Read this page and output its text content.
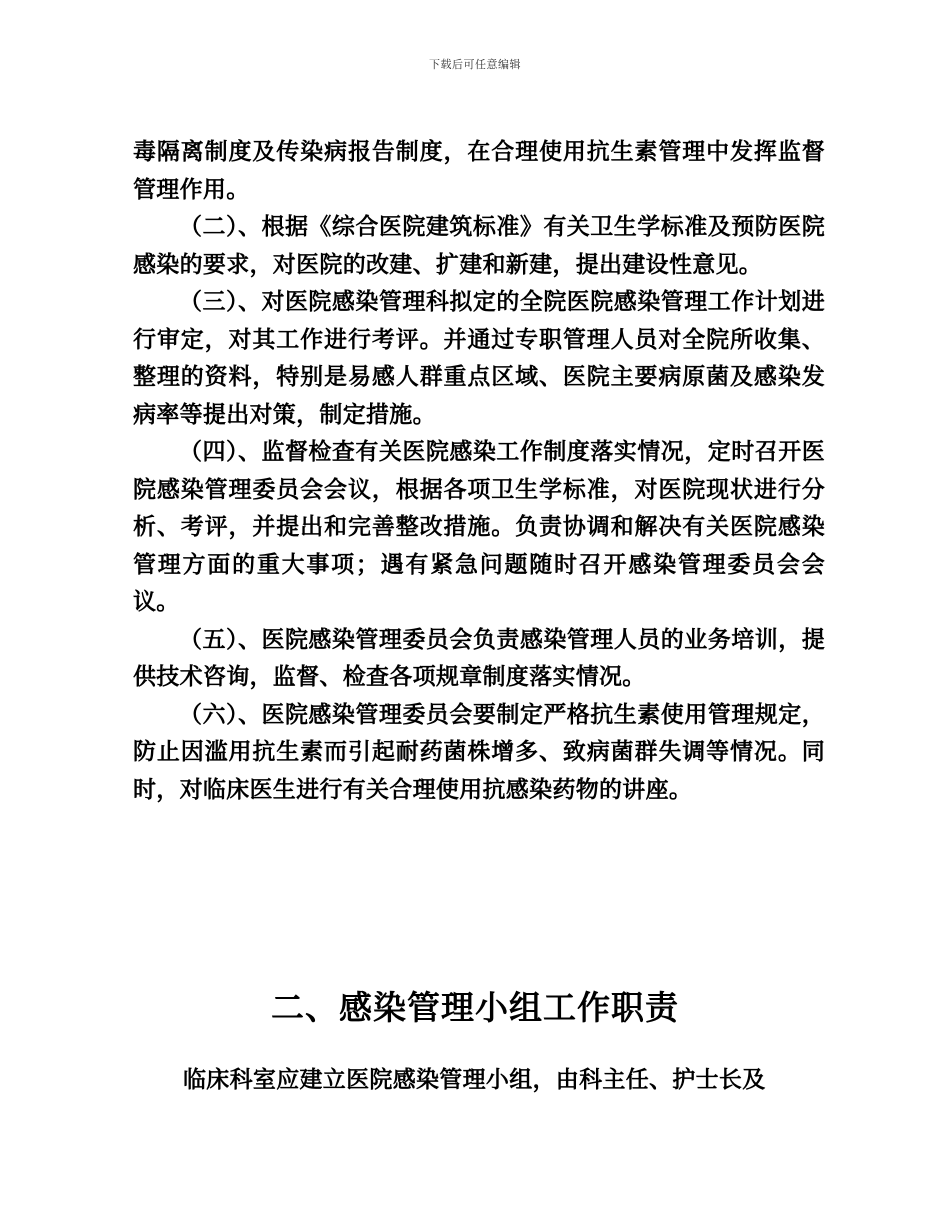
下载后可任意编辑

毒隔离制度及传染病报告制度，在合理使用抗生素管理中发挥监督管理作用。

（二）、根据《综合医院建筑标准》有关卫生学标准及预防医院感染的要求，对医院的改建、扩建和新建，提出建设性意见。

（三）、对医院感染管理科拟定的全院医院感染管理工作计划进行审定，对其工作进行考评。并通过专职管理人员对全院所收集、整理的资料，特别是易感人群重点区域、医院主要病原菌及感染发病率等提出对策，制定措施。

（四）、监督检查有关医院感染工作制度落实情况，定时召开医院感染管理委员会会议，根据各项卫生学标准，对医院现状进行分析、考评，并提出和完善整改措施。负责协调和解决有关医院感染管理方面的重大事项；遇有紧急问题随时召开感染管理委员会会议。

（五）、医院感染管理委员会负责感染管理人员的业务培训，提供技术咨询，监督、检查各项规章制度落实情况。

（六）、医院感染管理委员会要制定严格抗生素使用管理规定，防止因滥用抗生素而引起耐药菌株增多、致病菌群失调等情况。同时，对临床医生进行有关合理使用抗感染药物的讲座。

二、感染管理小组工作职责

临床科室应建立医院感染管理小组，由科主任、护士长及
